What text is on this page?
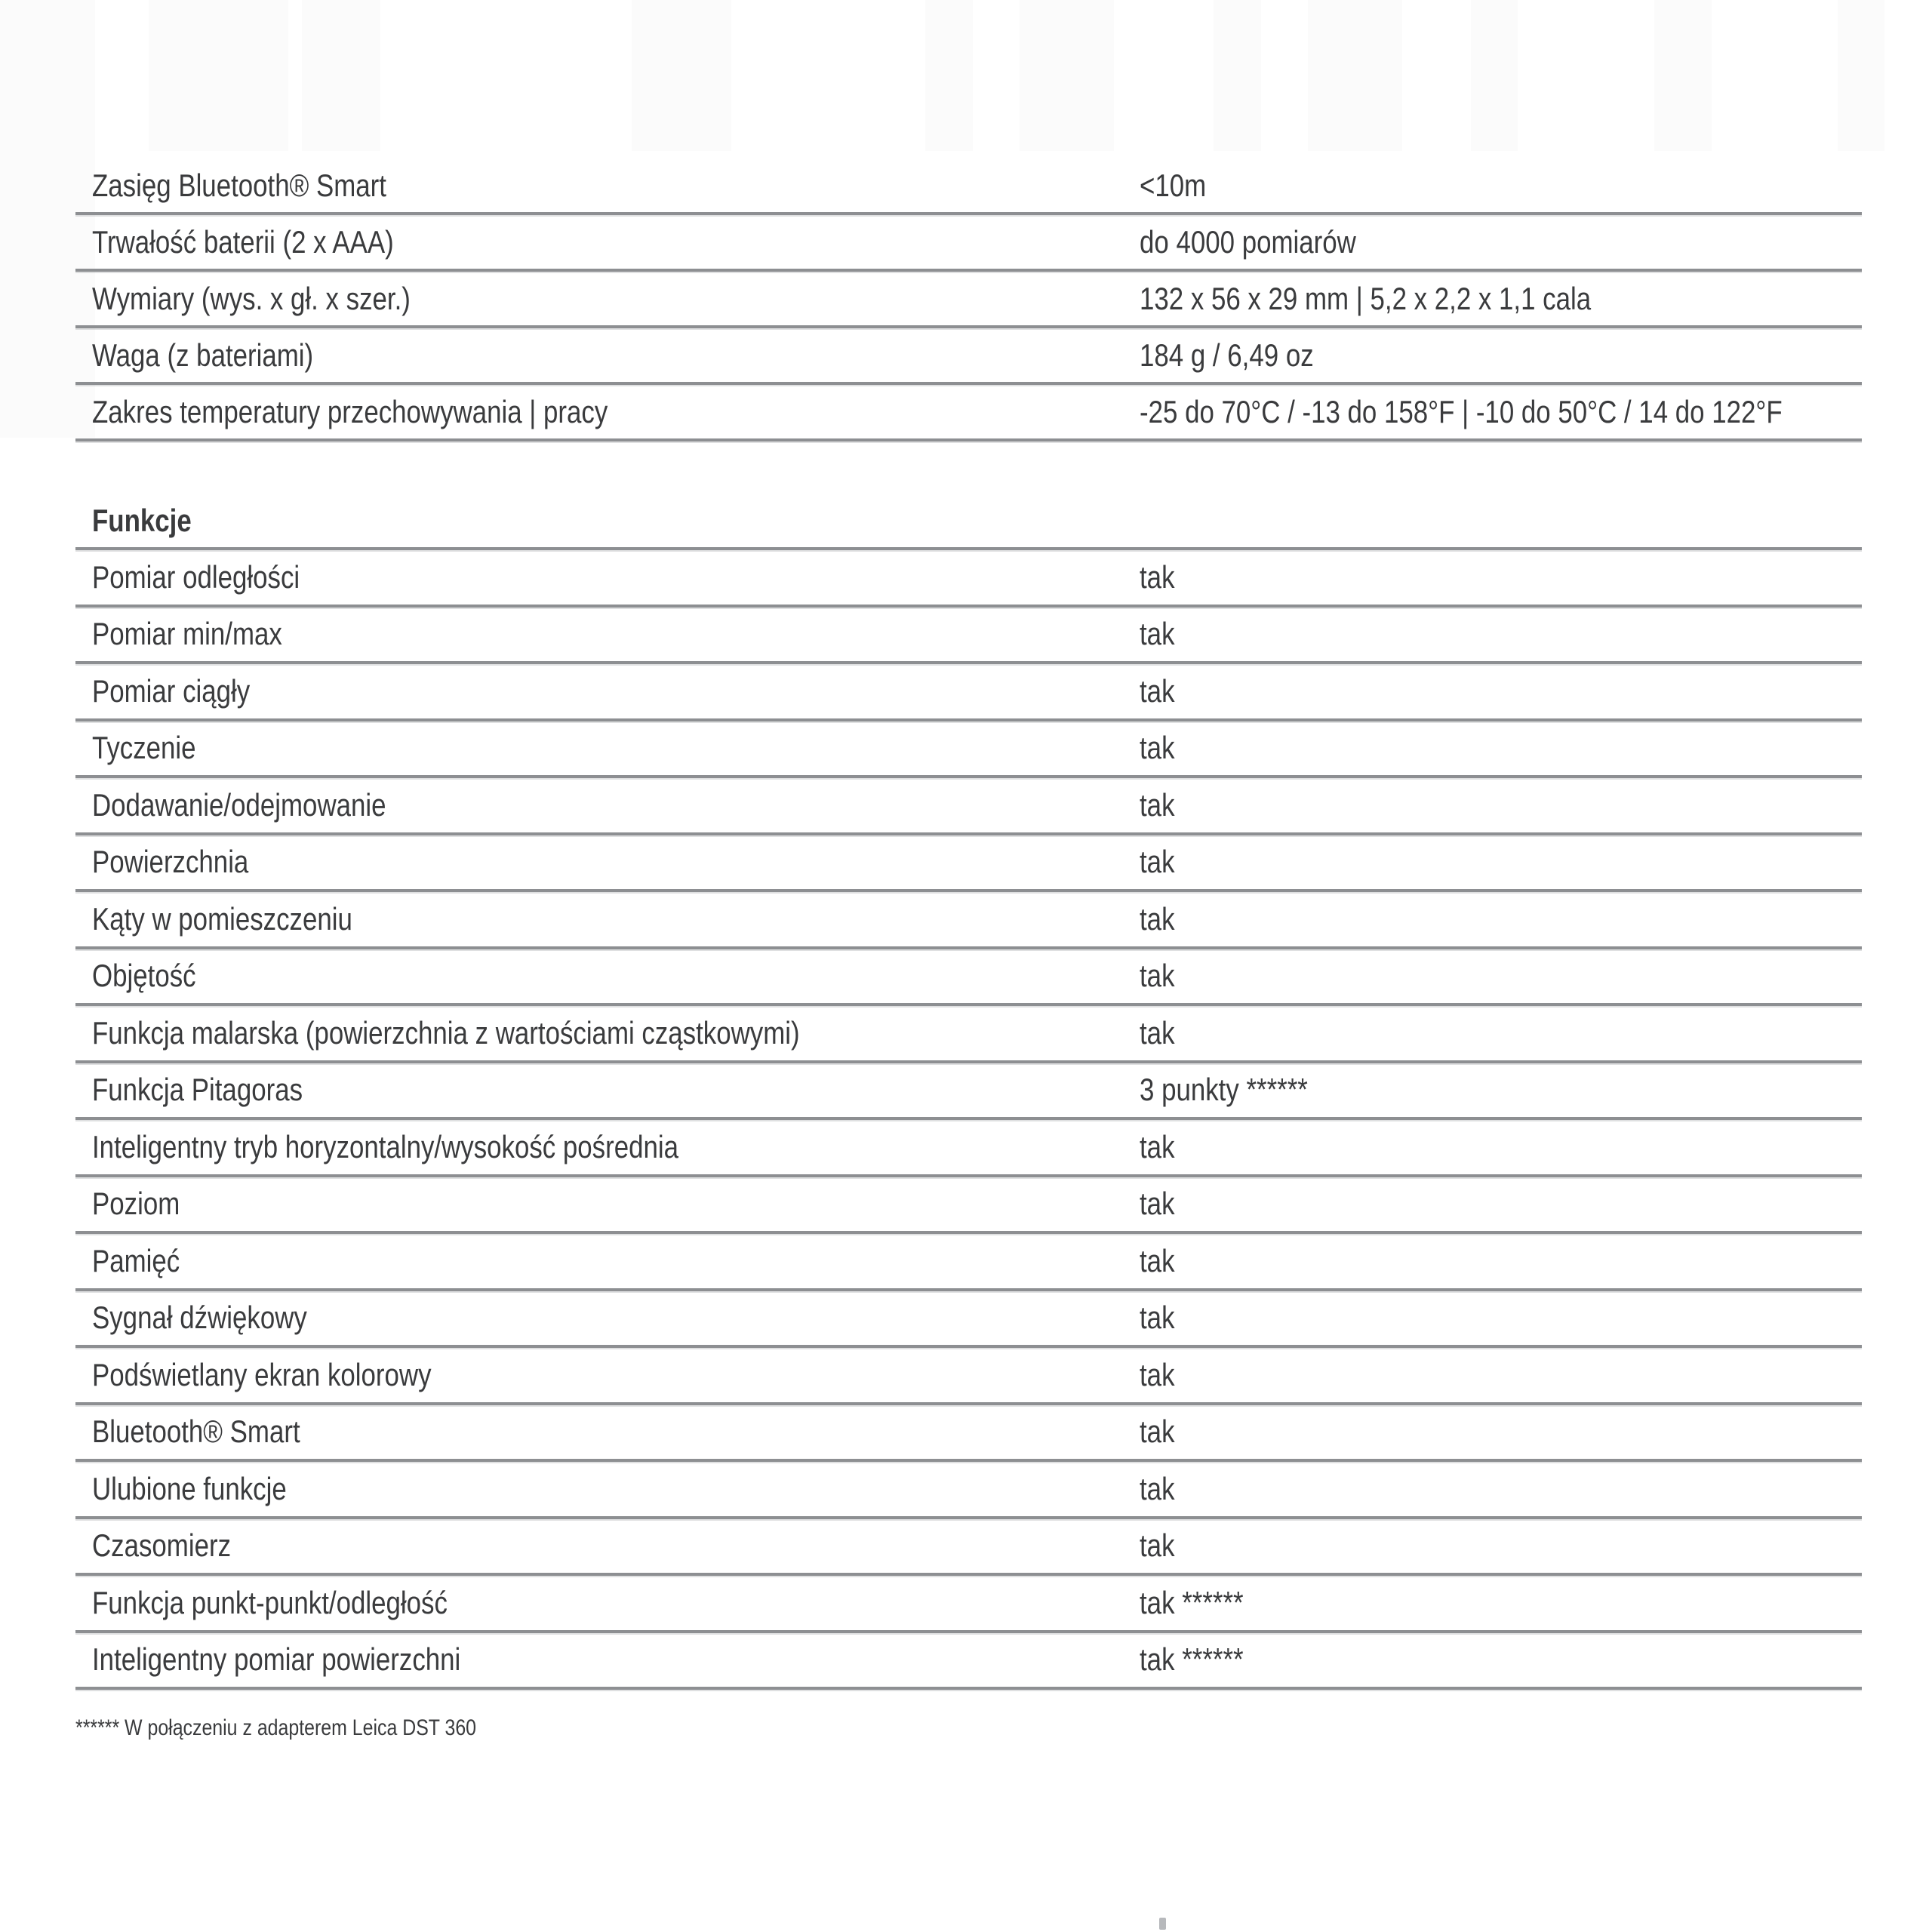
Zasięg Bluetooth® Smart	<10m
Trwałość baterii (2 x AAA)	do 4000 pomiarów
Wymiary (wys. x gł. x szer.)	132 x 56 x 29 mm | 5,2 x 2,2 x 1,1 cala
Waga (z bateriami)	184 g / 6,49 oz
Zakres temperatury przechowywania | pracy	-25 do 70°C / -13 do 158°F | -10 do 50°C / 14 do 122°F
Funkcje
Pomiar odległości	tak
Pomiar min/max	tak
Pomiar ciągły	tak
Tyczenie	tak
Dodawanie/odejmowanie	tak
Powierzchnia	tak
Kąty w pomieszczeniu	tak
Objętość	tak
Funkcja malarska (powierzchnia z wartościami cząstkowymi)	tak
Funkcja Pitagoras	3 punkty ******
Inteligentny tryb horyzontalny/wysokość pośrednia	tak
Poziom	tak
Pamięć	tak
Sygnał dźwiękowy	tak
Podświetlany ekran kolorowy	tak
Bluetooth® Smart	tak
Ulubione funkcje	tak
Czasomierz	tak
Funkcja punkt-punkt/odległość	tak ******
Inteligentny pomiar powierzchni	tak ******
****** W połączeniu z adapterem Leica DST 360
